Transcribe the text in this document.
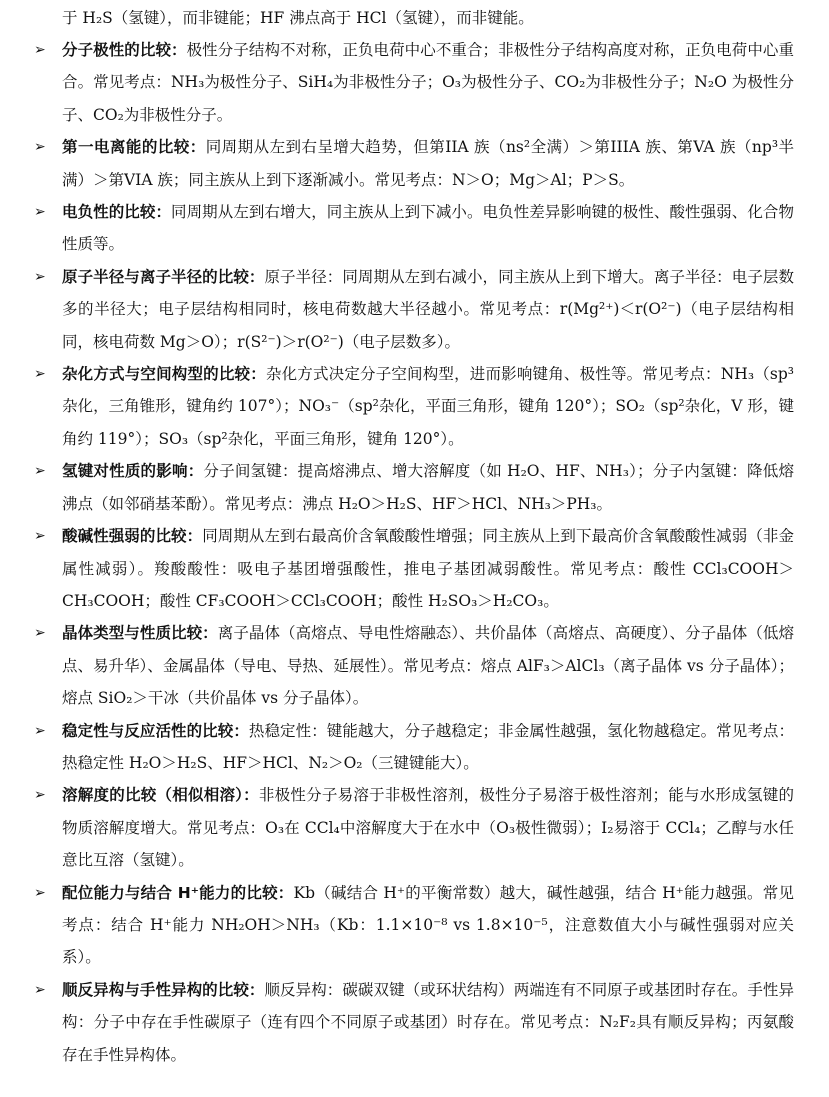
于 H₂S（氢键），而非键能；HF 沸点高于 HCl（氢键），而非键能。
➢ 分子极性的比较：极性分子结构不对称，正负电荷中心不重合；非极性分子结构高度对称，正负电荷中心重合。常见考点：NH₃为极性分子、SiH₄为非极性分子；O₃为极性分子、CO₂为非极性分子；N₂O 为极性分子、CO₂为非极性分子。
➢ 第一电离能的比较：同周期从左到右呈增大趋势，但第IIA 族（ns²全满）＞第IIIA 族、第VA 族（np³半满）＞第VIA 族；同主族从上到下逐渐减小。常见考点：N＞O；Mg＞Al；P＞S。
➢ 电负性的比较：同周期从左到右增大，同主族从上到下减小。电负性差异影响键的极性、酸性强弱、化合物性质等。
➢ 原子半径与离子半径的比较：原子半径：同周期从左到右减小，同主族从上到下增大。离子半径：电子层数多的半径大；电子层结构相同时，核电荷数越大半径越小。常见考点：r(Mg²⁺)＜r(O²⁻)（电子层结构相同，核电荷数 Mg＞O）；r(S²⁻)＞r(O²⁻)（电子层数多）。
➢ 杂化方式与空间构型的比较：杂化方式决定分子空间构型，进而影响键角、极性等。常见考点：NH₃（sp³杂化，三角锥形，键角约 107°）；NO₃⁻（sp²杂化，平面三角形，键角 120°）；SO₂（sp²杂化，V 形，键角约 119°）；SO₃（sp²杂化，平面三角形，键角 120°）。
➢ 氢键对性质的影响：分子间氢键：提高熔沸点、增大溶解度（如 H₂O、HF、NH₃）；分子内氢键：降低熔沸点（如邻硝基苯酚）。常见考点：沸点 H₂O＞H₂S、HF＞HCl、NH₃＞PH₃。
➢ 酸碱性强弱的比较：同周期从左到右最高价含氧酸酸性增强；同主族从上到下最高价含氧酸酸性减弱（非金属性减弱）。羧酸酸性：吸电子基团增强酸性，推电子基团减弱酸性。常见考点：酸性 CCl₃COOH＞CH₃COOH；酸性 CF₃COOH＞CCl₃COOH；酸性 H₂SO₃＞H₂CO₃。
➢ 晶体类型与性质比较：离子晶体（高熔点、导电性熔融态）、共价晶体（高熔点、高硬度）、分子晶体（低熔点、易升华）、金属晶体（导电、导热、延展性）。常见考点：熔点 AlF₃＞AlCl₃（离子晶体 vs 分子晶体）；熔点 SiO₂＞干冰（共价晶体 vs 分子晶体）。
➢ 稳定性与反应活性的比较：热稳定性：键能越大，分子越稳定；非金属性越强，氢化物越稳定。常见考点：热稳定性 H₂O＞H₂S、HF＞HCl、N₂＞O₂（三键键能大）。
➢ 溶解度的比较（相似相溶）：非极性分子易溶于非极性溶剂，极性分子易溶于极性溶剂；能与水形成氢键的物质溶解度增大。常见考点：O₃在 CCl₄中溶解度大于在水中（O₃极性微弱）；I₂易溶于 CCl₄；乙醇与水任意比互溶（氢键）。
➢ 配位能力与结合 H⁺能力的比较：Kb（碱结合 H⁺的平衡常数）越大，碱性越强，结合 H⁺能力越强。常见考点：结合 H⁺能力 NH₂OH＞NH₃（Kb：1.1×10⁻⁸ vs 1.8×10⁻⁵，注意数值大小与碱性强弱对应关系）。
➢ 顺反异构与手性异构的比较：顺反异构：碳碳双键（或环状结构）两端连有不同原子或基团时存在。手性异构：分子中存在手性碳原子（连有四个不同原子或基团）时存在。常见考点：N₂F₂具有顺反异构；丙氨酸存在手性异构体。
